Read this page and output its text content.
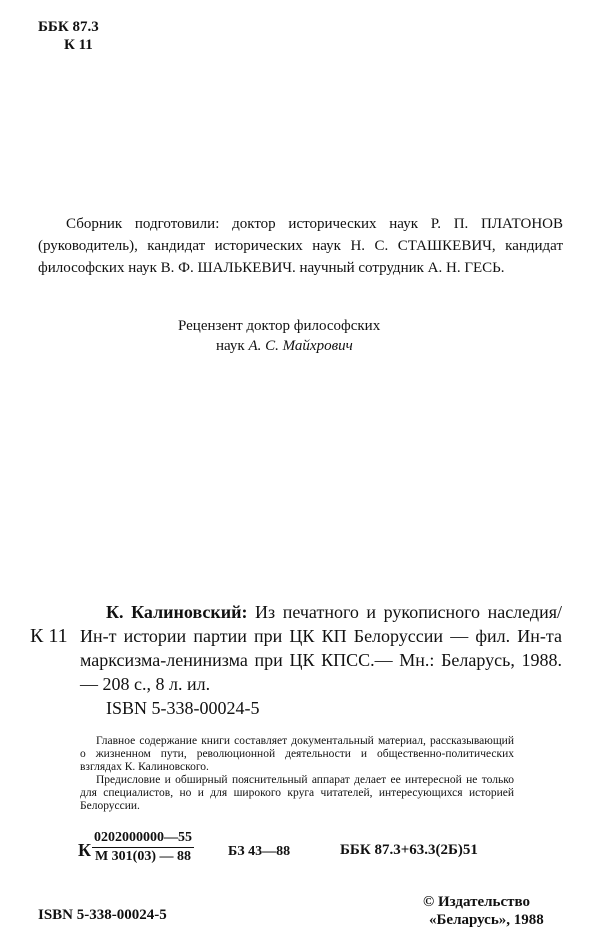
ББК 87.3
К 11
Сборник подготовили: доктор исторических наук Р. П. ПЛАТОНОВ (руководитель), кандидат исторических наук Н. С. СТАШКЕВИЧ, кандидат философских наук В. Ф. ШАЛЬКЕВИЧ. научный сотрудник А. Н. ГЕСЬ.
Рецензент доктор философских
наук А. С. Майхрович
К 11
К. Калиновский: Из печатного и рукописного наследия/Ин-т истории партии при ЦК КП Белоруссии — фил. Ин-та марксизма-ленинизма при ЦК КПСС.— Мн.: Беларусь, 1988.— 208 с., 8 л. ил.
ISBN 5-338-00024-5

Главное содержание книги составляет документальный материал, рассказывающий о жизненном пути, революционной деятельности и общественно-политических взглядах К. Калиновского.

Предисловие и обширный пояснительный аппарат делает ее интересной не только для специалистов, но и для широкого круга читателей, интересующихся историей Белоруссии.

К
0202000000—55
М 301(03) — 88	БЗ 43—88	ББК 87.3+63.3(2Б)51
ISBN 5-338-00024-5
© Издательство
«Беларусь», 1988
